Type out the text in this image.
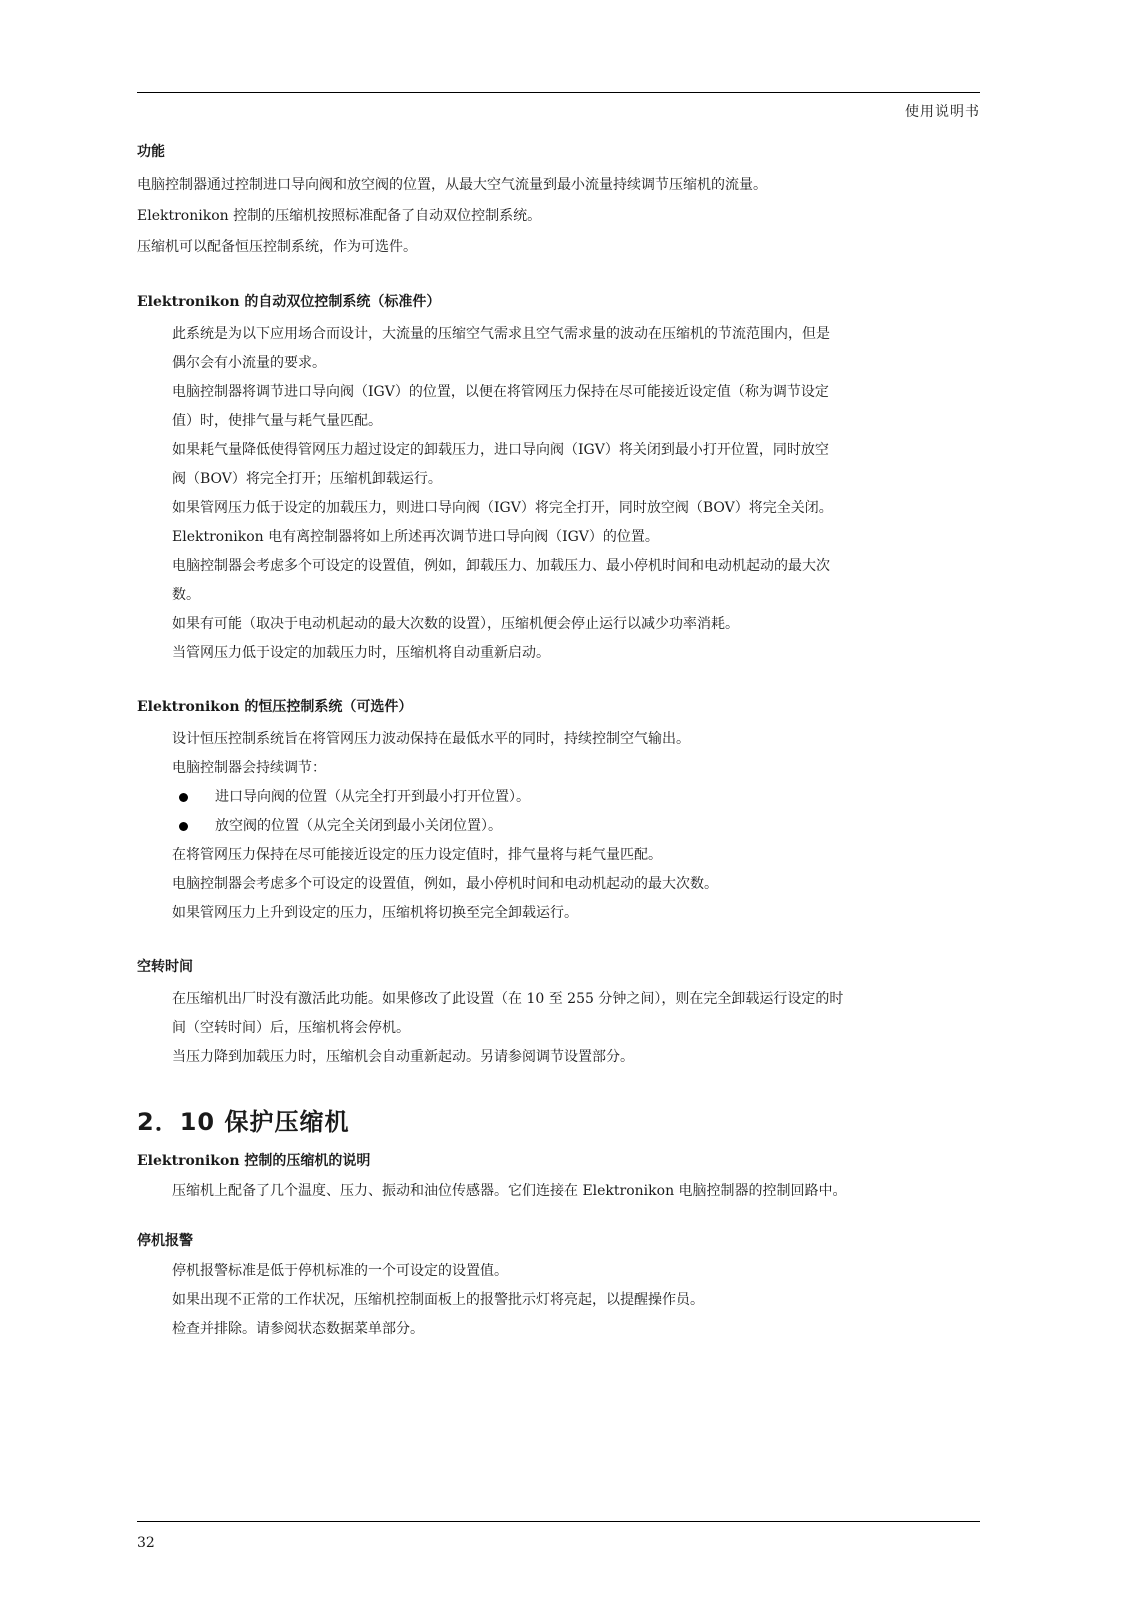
使用说明书

功能

电脑控制器通过控制进口导向阀和放空阀的位置，从最大空气流量到最小流量持续调节压缩机的流量。

Elektronikon 控制的压缩机按照标准配备了自动双位控制系统。

压缩机可以配备恒压控制系统，作为可选件。

Elektronikon 的自动双位控制系统（标准件）

此系统是为以下应用场合而设计，大流量的压缩空气需求且空气需求量的波动在压缩机的节流范围内，但是

偶尔会有小流量的要求。

电脑控制器将调节进口导向阀（IGV）的位置，以便在将管网压力保持在尽可能接近设定值（称为调节设定

值）时，使排气量与耗气量匹配。

如果耗气量降低使得管网压力超过设定的卸载压力，进口导向阀（IGV）将关闭到最小打开位置，同时放空

阀（BOV）将完全打开；压缩机卸载运行。

如果管网压力低于设定的加载压力，则进口导向阀（IGV）将完全打开，同时放空阀（BOV）将完全关闭。

Elektronikon 电有离控制器将如上所述再次调节进口导向阀（IGV）的位置。

电脑控制器会考虑多个可设定的设置值，例如，卸载压力、加载压力、最小停机时间和电动机起动的最大次

数。

如果有可能（取决于电动机起动的最大次数的设置），压缩机便会停止运行以减少功率消耗。

当管网压力低于设定的加载压力时，压缩机将自动重新启动。

Elektronikon 的恒压控制系统（可选件）

设计恒压控制系统旨在将管网压力波动保持在最低水平的同时，持续控制空气输出。

电脑控制器会持续调节：

进口导向阀的位置（从完全打开到最小打开位置）。
放空阀的位置（从完全关闭到最小关闭位置）。

在将管网压力保持在尽可能接近设定的压力设定值时，排气量将与耗气量匹配。

电脑控制器会考虑多个可设定的设置值，例如，最小停机时间和电动机起动的最大次数。

如果管网压力上升到设定的压力，压缩机将切换至完全卸载运行。

空转时间

在压缩机出厂时没有激活此功能。如果修改了此设置（在 10 至 255 分钟之间），则在完全卸载运行设定的时

间（空转时间）后，压缩机将会停机。

当压力降到加载压力时，压缩机会自动重新起动。另请参阅调节设置部分。

2．10 保护压缩机

Elektronikon 控制的压缩机的说明

压缩机上配备了几个温度、压力、振动和油位传感器。它们连接在 Elektronikon 电脑控制器的控制回路中。

停机报警

停机报警标准是低于停机标准的一个可设定的设置值。

如果出现不正常的工作状况，压缩机控制面板上的报警批示灯将亮起，以提醒操作员。

检查并排除。请参阅状态数据菜单部分。

32
